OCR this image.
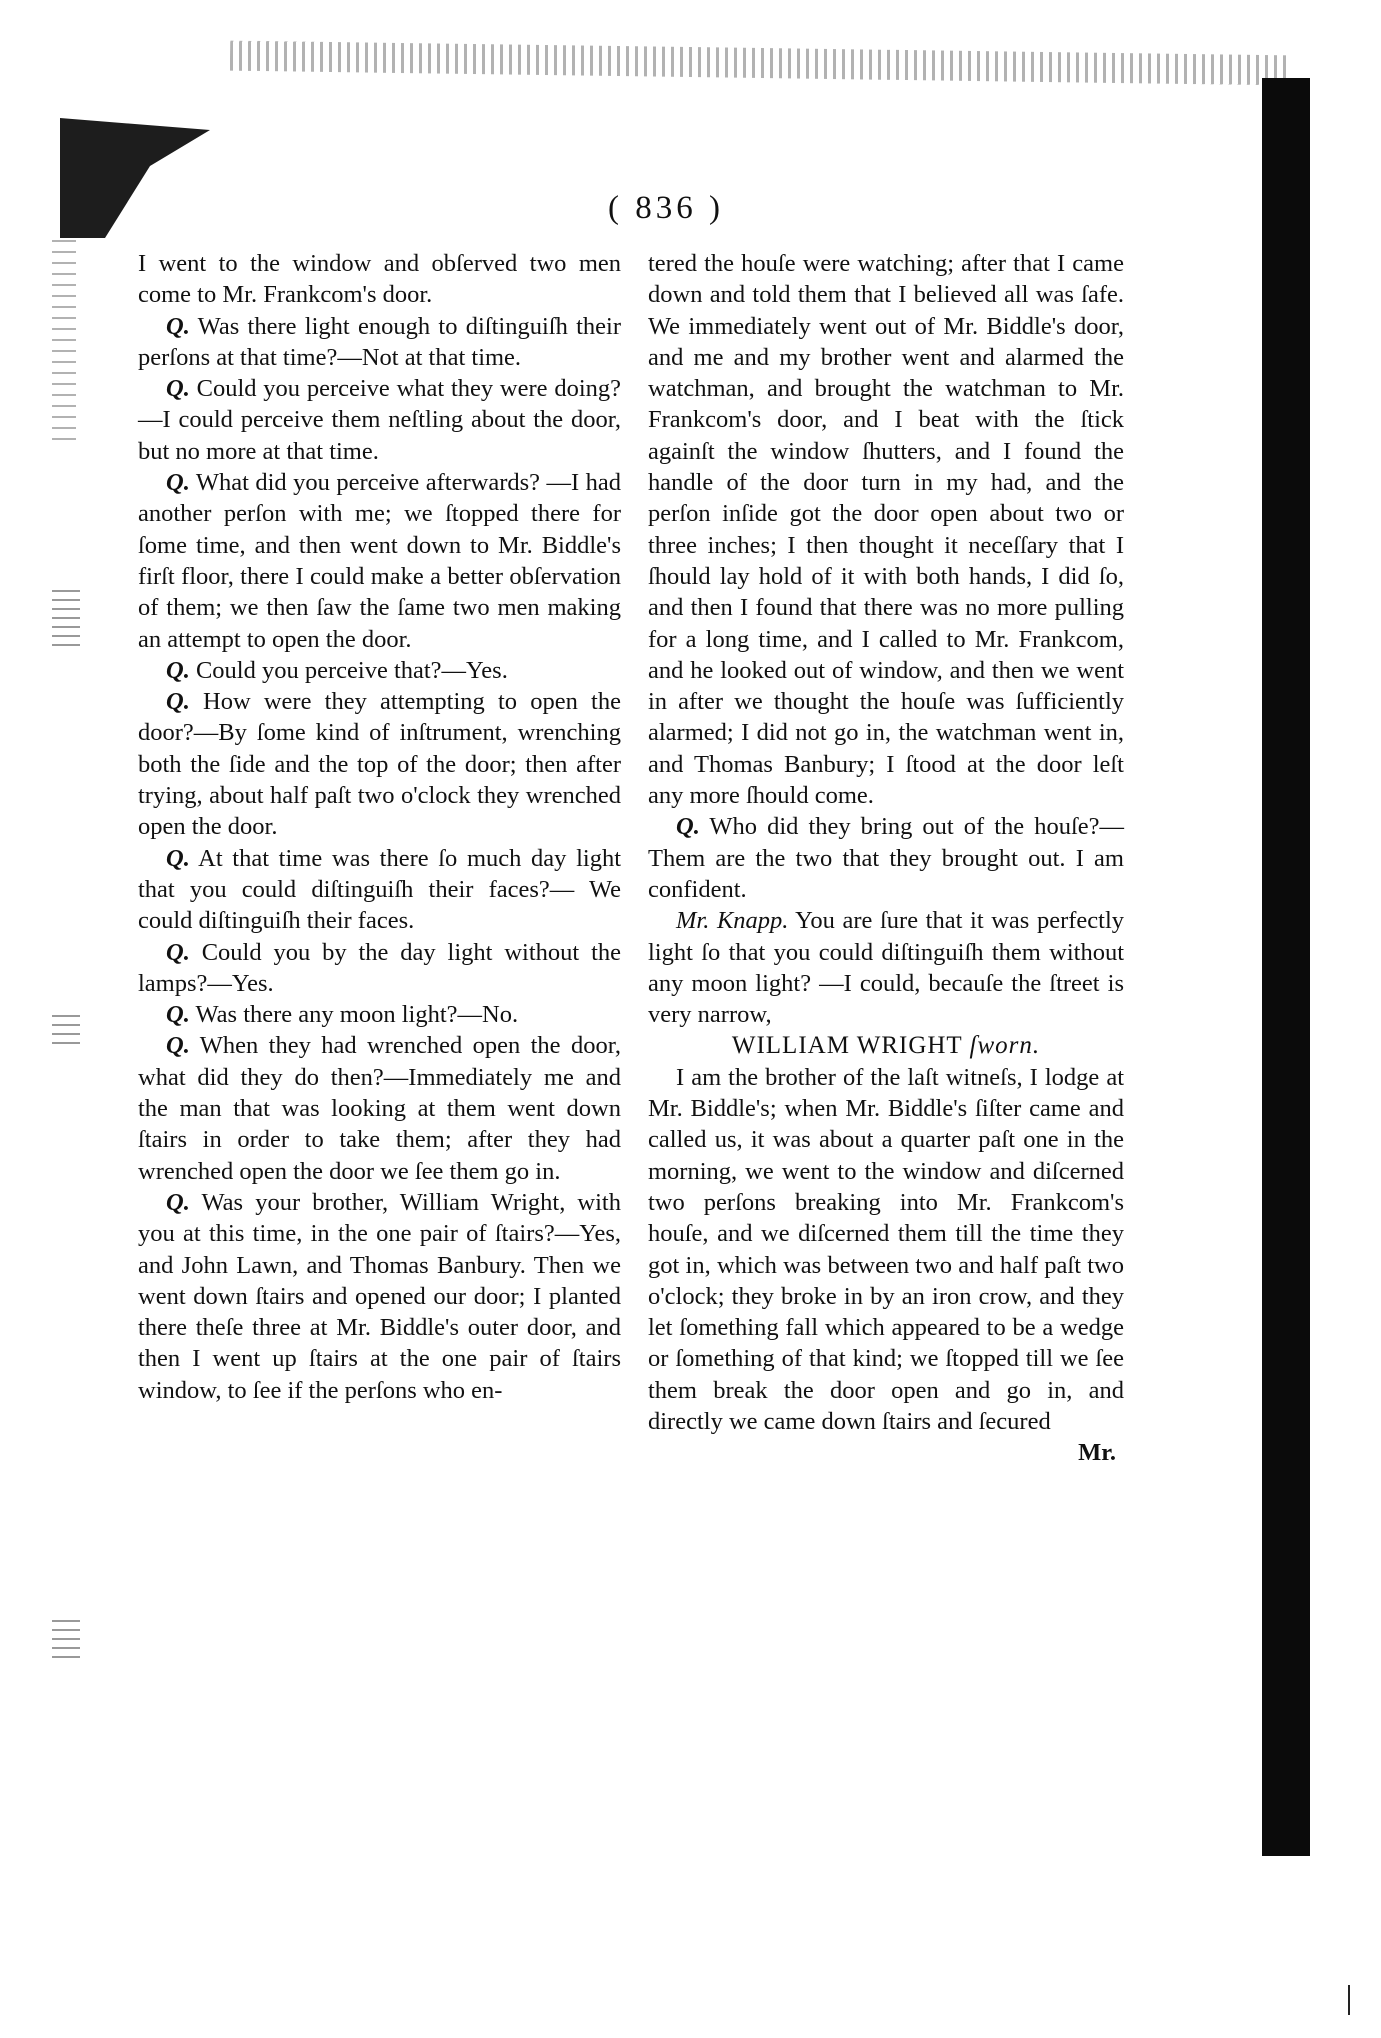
( 836 )

I went to the window and obſerved two men come to Mr. Frankcom's door.

Q. Was there light enough to diſtinguiſh their perſons at that time?—Not at that time.

Q. Could you perceive what they were doing?—I could perceive them neſtling about the door, but no more at that time.

Q. What did you perceive afterwards? —I had another perſon with me; we ſtopped there for ſome time, and then went down to Mr. Biddle's firſt floor, there I could make a better obſervation of them; we then ſaw the ſame two men making an attempt to open the door.

Q. Could you perceive that?—Yes.

Q. How were they attempting to open the door?—By ſome kind of inſtrument, wrenching both the ſide and the top of the door; then after trying, about half paſt two o'clock they wrenched open the door.

Q. At that time was there ſo much day light that you could diſtinguiſh their faces?— We could diſtinguiſh their faces.

Q. Could you by the day light without the lamps?—Yes.

Q. Was there any moon light?—No.

Q. When they had wrenched open the door, what did they do then?—Immediately me and the man that was looking at them went down ſtairs in order to take them; after they had wrenched open the door we ſee them go in.

Q. Was your brother, William Wright, with you at this time, in the one pair of ſtairs?—Yes, and John Lawn, and Thomas Banbury. Then we went down ſtairs and opened our door; I planted there theſe three at Mr. Biddle's outer door, and then I went up ſtairs at the one pair of ſtairs window, to ſee if the perſons who en-

tered the houſe were watching; after that I came down and told them that I believed all was ſafe. We immediately went out of Mr. Biddle's door, and me and my brother went and alarmed the watchman, and brought the watchman to Mr. Frankcom's door, and I beat with the ſtick againſt the window ſhutters, and I found the handle of the door turn in my had, and the perſon inſide got the door open about two or three inches; I then thought it neceſſary that I ſhould lay hold of it with both hands, I did ſo, and then I found that there was no more pulling for a long time, and I called to Mr. Frankcom, and he looked out of window, and then we went in after we thought the houſe was ſufficiently alarmed; I did not go in, the watchman went in, and Thomas Banbury; I ſtood at the door leſt any more ſhould come.

Q. Who did they bring out of the houſe?— Them are the two that they brought out. I am confident.

Mr. Knapp. You are ſure that it was perfectly light ſo that you could diſtinguiſh them without any moon light? —I could, becauſe the ſtreet is very narrow,

WILLIAM WRIGHT ſworn.

I am the brother of the laſt witneſs, I lodge at Mr. Biddle's; when Mr. Biddle's ſiſter came and called us, it was about a quarter paſt one in the morning, we went to the window and diſcerned two perſons breaking into Mr. Frankcom's houſe, and we diſcerned them till the time they got in, which was between two and half paſt two o'clock; they broke in by an iron crow, and they let ſomething fall which appeared to be a wedge or ſomething of that kind; we ſtopped till we ſee them break the door open and go in, and directly we came down ſtairs and ſecured

Mr.
